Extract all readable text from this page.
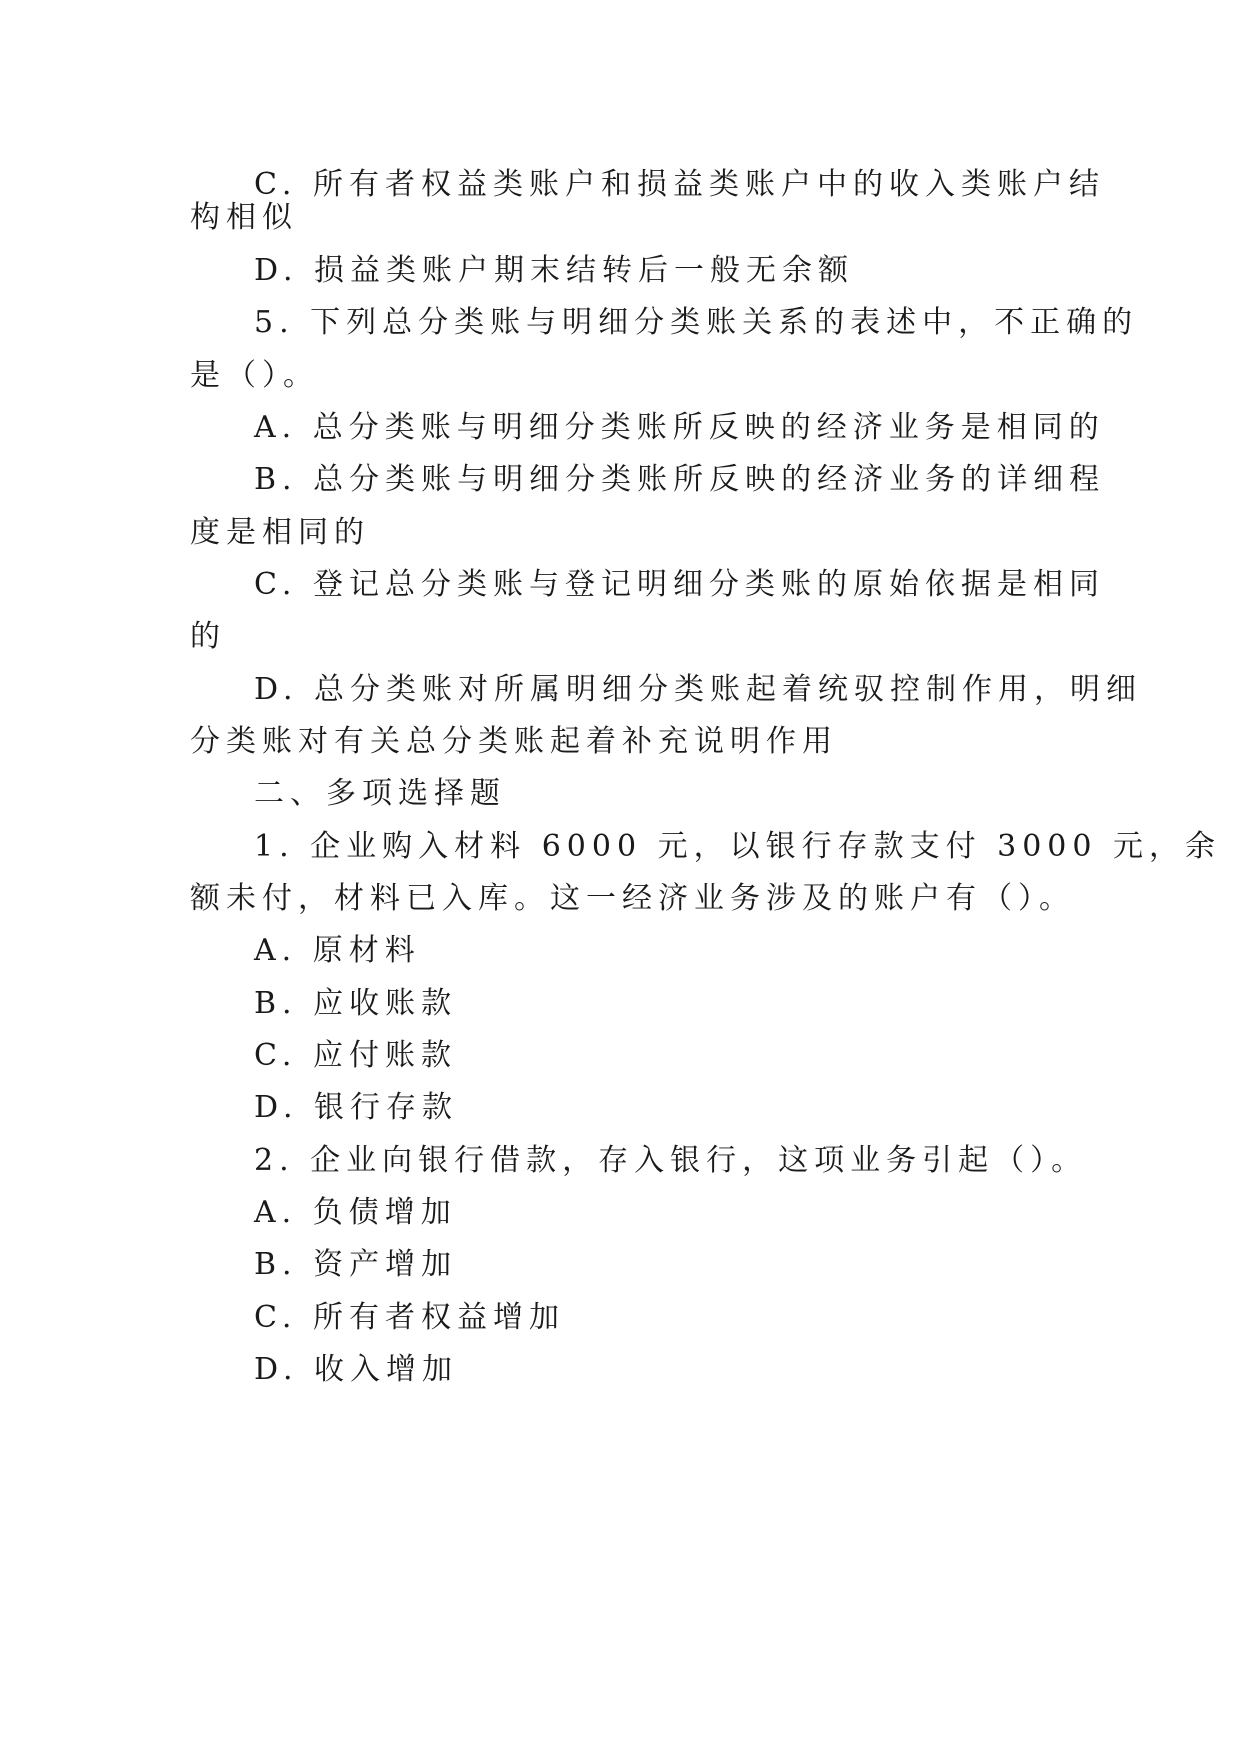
C. 所有者权益类账户和损益类账户中的收入类账户结
构相似
D. 损益类账户期末结转后一般无余额
5. 下列总分类账与明细分类账关系的表述中，不正确的
是（）。
A. 总分类账与明细分类账所反映的经济业务是相同的
B. 总分类账与明细分类账所反映的经济业务的详细程
度是相同的
C. 登记总分类账与登记明细分类账的原始依据是相同
的
D. 总分类账对所属明细分类账起着统驭控制作用，明细
分类账对有关总分类账起着补充说明作用
二、多项选择题
1. 企业购入材料 6000 元，以银行存款支付 3000 元，余
额未付，材料已入库。这一经济业务涉及的账户有（）。
A. 原材料
B. 应收账款
C. 应付账款
D. 银行存款
2. 企业向银行借款，存入银行，这项业务引起（）。
A. 负债增加
B. 资产增加
C. 所有者权益增加
D. 收入增加
